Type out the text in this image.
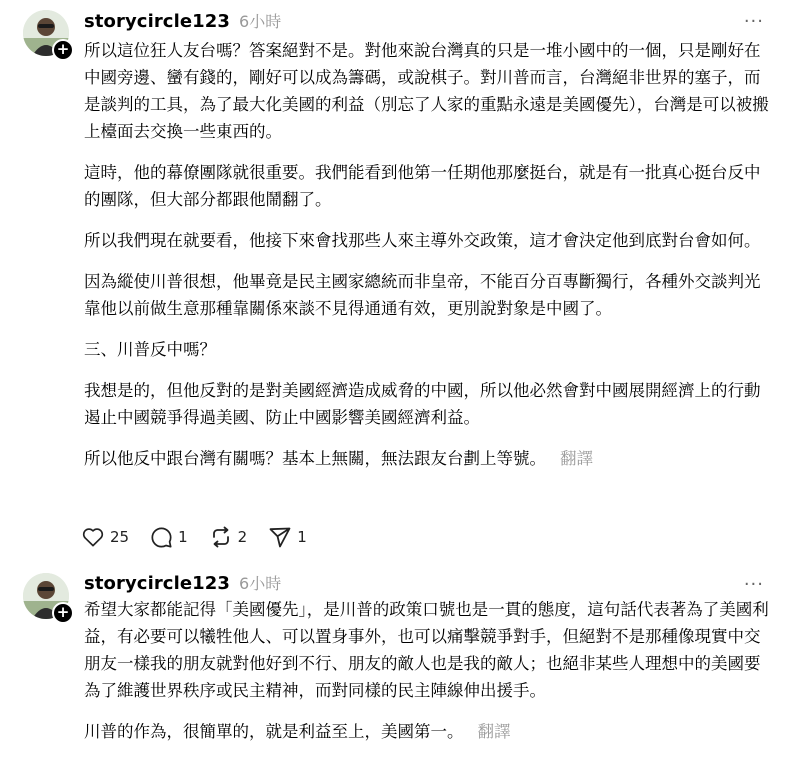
+
storycircle123 6小時	···

所以這位狂人友台嗎？答案絕對不是。對他來說台灣真的只是一堆小國中的一個，只是剛好在中國旁邊、蠻有錢的，剛好可以成為籌碼，或說棋子。對川普而言，台灣絕非世界的塞子，而是談判的工具，為了最大化美國的利益（別忘了人家的重點永遠是美國優先），台灣是可以被搬上檯面去交換一些東西的。

這時，他的幕僚團隊就很重要。我們能看到他第一任期他那麼挺台，就是有一批真心挺台反中的團隊，但大部分都跟他鬧翻了。

所以我們現在就要看，他接下來會找那些人來主導外交政策，這才會決定他到底對台會如何。

因為縱使川普很想，他畢竟是民主國家總統而非皇帝，不能百分百專斷獨行，各種外交談判光靠他以前做生意那種靠關係來談不見得通通有效，更別說對象是中國了。

三、川普反中嗎？

我想是的，但他反對的是對美國經濟造成威脅的中國，所以他必然會對中國展開經濟上的行動遏止中國競爭得過美國、防止中國影響美國經濟利益。

所以他反中跟台灣有關嗎？基本上無關，無法跟友台劃上等號。 翻譯

25	1	2	1
+
storycircle123 6小時	···

希望大家都能記得「美國優先」，是川普的政策口號也是一貫的態度，這句話代表著為了美國利益，有必要可以犧牲他人、可以置身事外，也可以痛擊競爭對手，但絕對不是那種像現實中交朋友一樣我的朋友就對他好到不行、朋友的敵人也是我的敵人；也絕非某些人理想中的美國要為了維護世界秩序或民主精神，而對同樣的民主陣線伸出援手。

川普的作為，很簡單的，就是利益至上，美國第一。 翻譯
